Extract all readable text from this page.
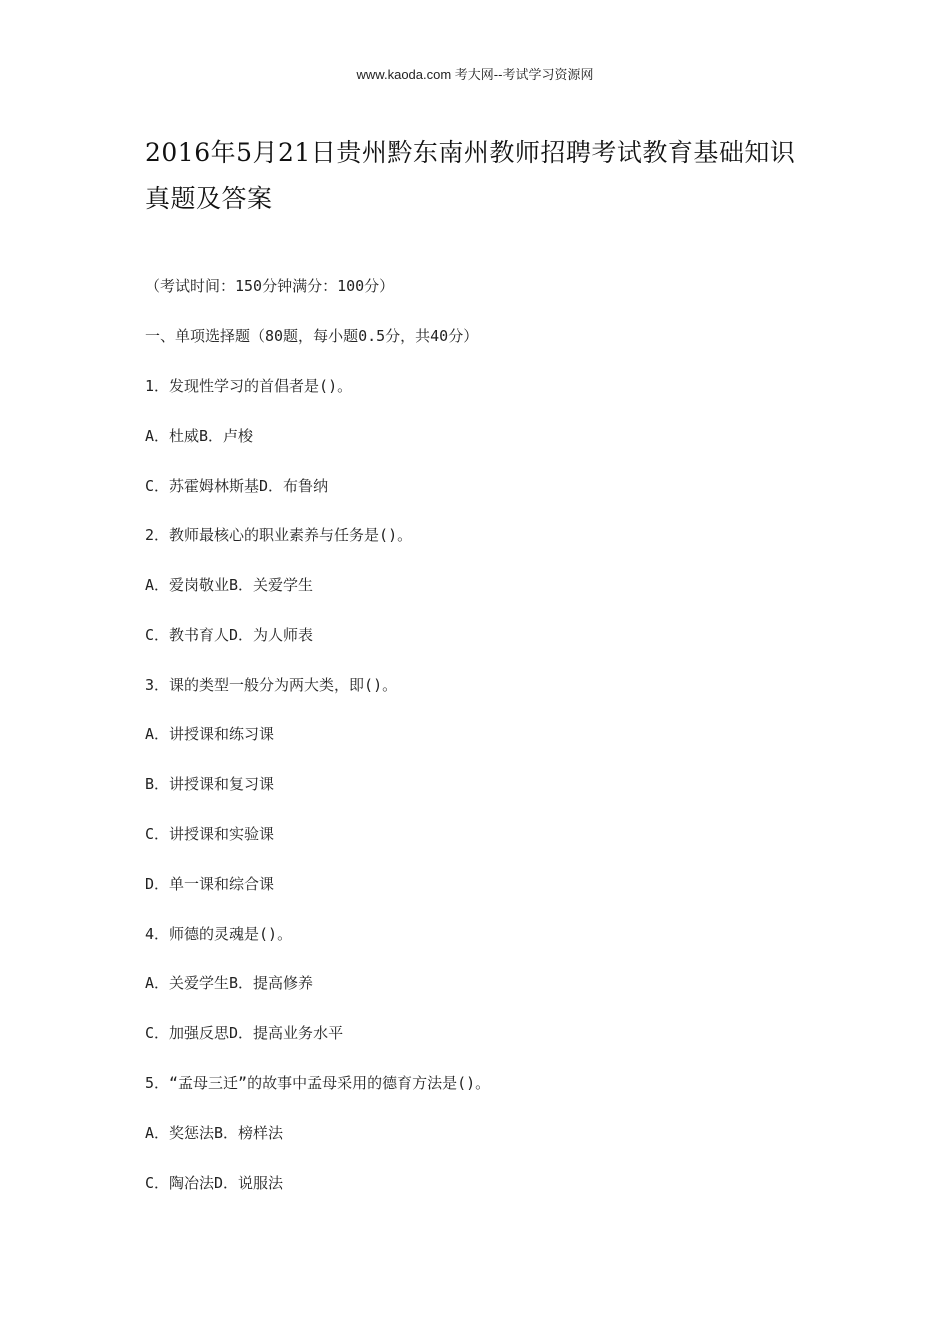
www.kaoda.com 考大网--考试学习资源网
2016年5月21日贵州黔东南州教师招聘考试教育基础知识
真题及答案
（考试时间：150分钟满分：100分）
一、单项选择题（80题，每小题0.5分，共40分）
1．发现性学习的首倡者是()。
A．杜威B．卢梭
C．苏霍姆林斯基D．布鲁纳
2．教师最核心的职业素养与任务是()。
A．爱岗敬业B．关爱学生
C．教书育人D．为人师表
3．课的类型一般分为两大类，即()。
A．讲授课和练习课
B．讲授课和复习课
C．讲授课和实验课
D．单一课和综合课
4．师德的灵魂是()。
A．关爱学生B．提高修养
C．加强反思D．提高业务水平
5．“孟母三迁”的故事中孟母采用的德育方法是()。
A．奖惩法B．榜样法
C．陶冶法D．说服法
